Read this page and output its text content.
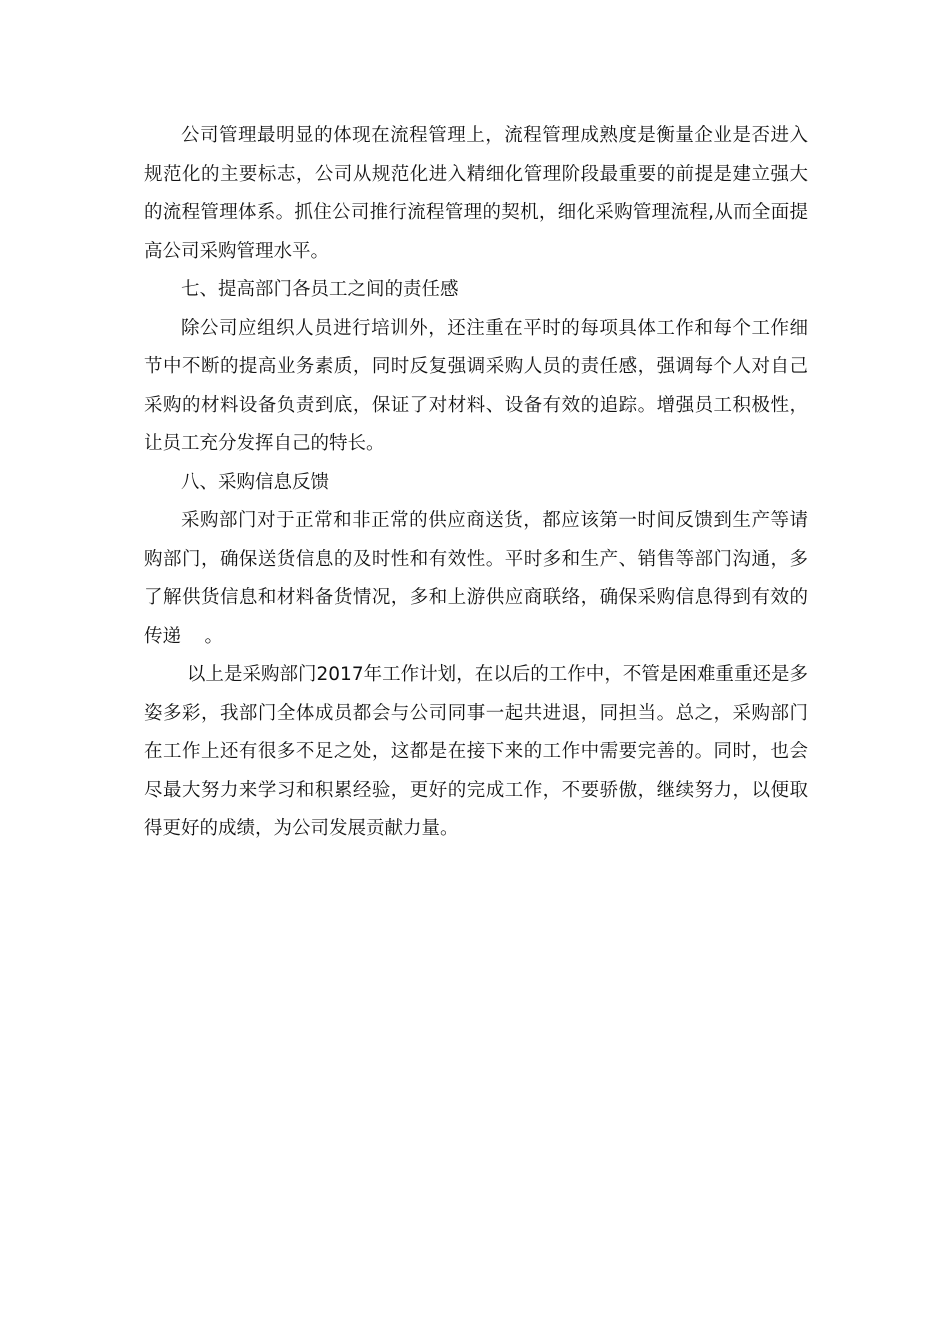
公司管理最明显的体现在流程管理上，流程管理成熟度是衡量企业是否进入规范化的主要标志，公司从规范化进入精细化管理阶段最重要的前提是建立强大的流程管理体系。抓住公司推行流程管理的契机，细化采购管理流程,从而全面提高公司采购管理水平。

七、提高部门各员工之间的责任感

除公司应组织人员进行培训外，还注重在平时的每项具体工作和每个工作细节中不断的提高业务素质，同时反复强调采购人员的责任感，强调每个人对自己采购的材料设备负责到底，保证了对材料、设备有效的追踪。增强员工积极性，让员工充分发挥自己的特长。

八、采购信息反馈

采购部门对于正常和非正常的供应商送货，都应该第一时间反馈到生产等请购部门，确保送货信息的及时性和有效性。平时多和生产、销售等部门沟通，多了解供货信息和材料备货情况，多和上游供应商联络，确保采购信息得到有效的传递    。

以上是采购部门2017年工作计划，在以后的工作中，不管是困难重重还是多姿多彩，我部门全体成员都会与公司同事一起共进退，同担当。总之，采购部门在工作上还有很多不足之处，这都是在接下来的工作中需要完善的。同时，也会尽最大努力来学习和积累经验，更好的完成工作，不要骄傲，继续努力，以便取得更好的成绩，为公司发展贡献力量。
